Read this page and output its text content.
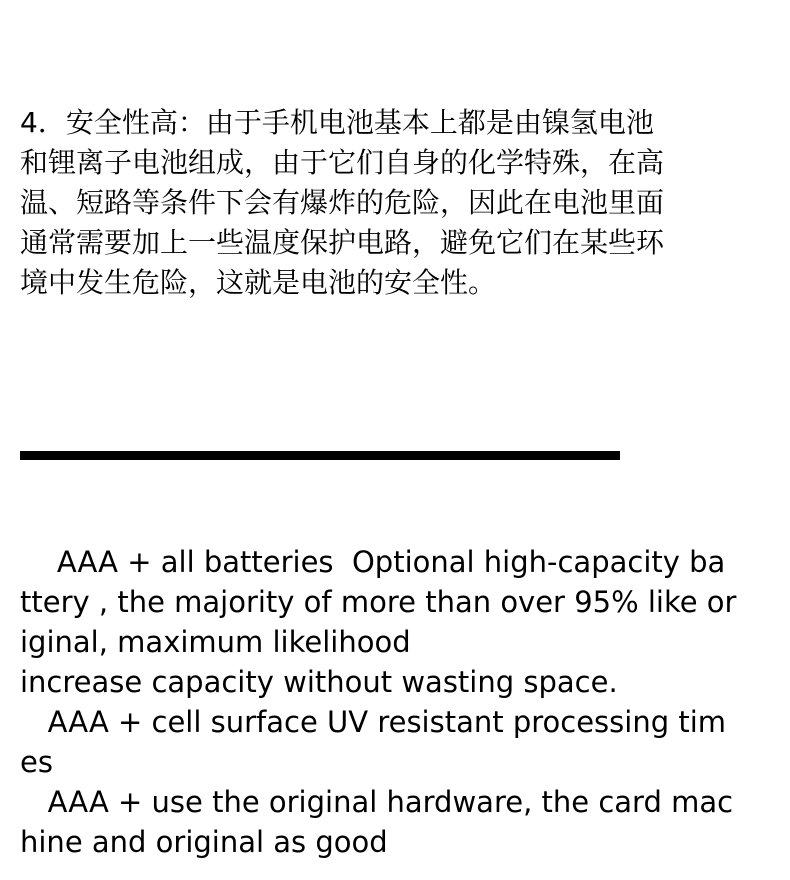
4．安全性高：由于手机电池基本上都是由镍氢电池
和锂离子电池组成，由于它们自身的化学特殊，在高
温、短路等条件下会有爆炸的危险，因此在电池里面
通常需要加上一些温度保护电路，避免它们在某些环
境中发生危险，这就是电池的安全性。
AAA + all batteries  Optional high-capacity ba
ttery , the majority of more than over 95% like or
iginal, maximum likelihood
increase capacity without wasting space.
AAA + cell surface UV resistant processing tim
es
AAA + use the original hardware, the card mac
hine and original as good
